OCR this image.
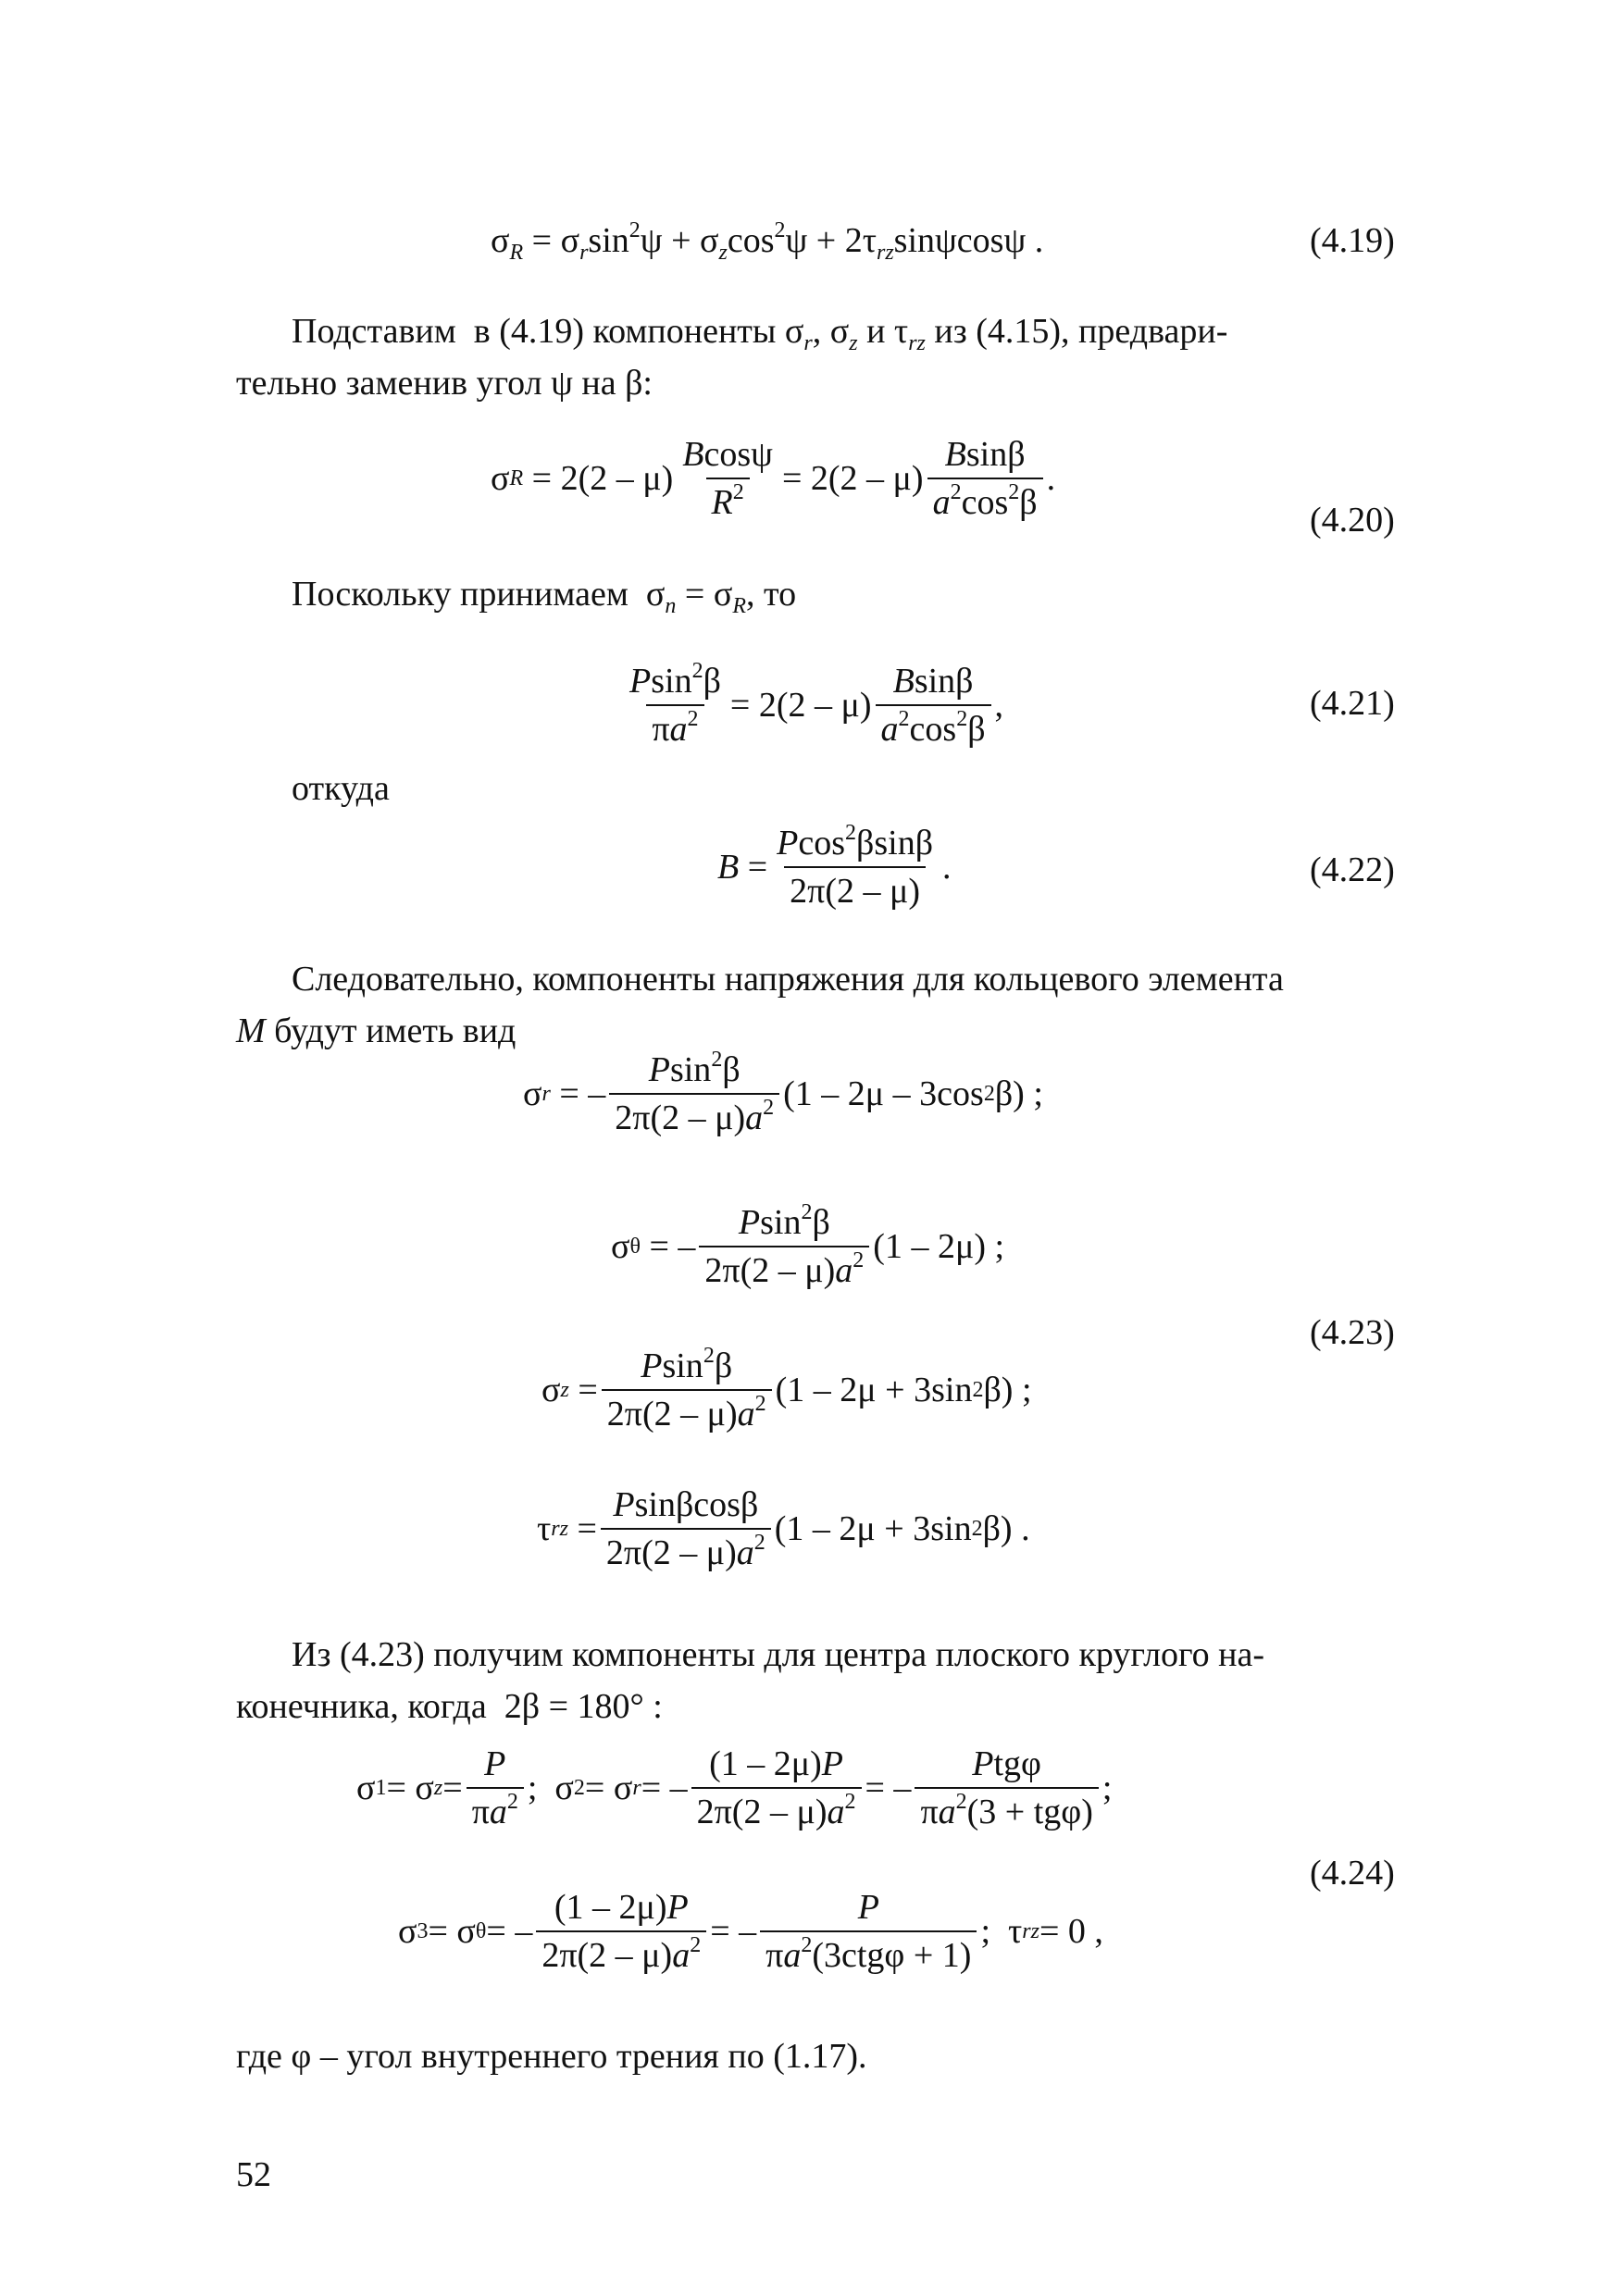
$\sigma_R = \sigma_r\sin^2\psi + \sigma_z\cos^2\psi + 2\tau_{rz}\sin\psi\cos\psi$ .	(4.19)
Подставим  в (4.19) компоненты $\sigma_r$, $\sigma_z$ и $\tau_{rz}$ из (4.15), предвари-
тельно заменив угол ψ на β:
σ $R = 2(2 - \mu) \frac{Bcos\psi}{R^2} = 2(2 - \mu) \frac{Bsin\beta}{a^2\cos^2\beta}$ .
(4.20)
Поскольку принимаем  $\sigma_n = \sigma_R$, то
$\frac{Psin^2\beta}{\pi a^2} = 2(2 - \mu) \frac{Bsin\beta}{a^2\cos^2\beta}$ ,	(4.21)
откуда
$B = \frac{Pcos^2\beta\sin\beta}{2\pi(2 - \mu)}$ .	(4.22)
Следовательно, компоненты напряжения для кольцевого элемента
M будут иметь вид
σ r = – $\frac{Psin^2\beta}{2\pi(2 - \mu)a^2} (1 - 2\mu - 3\cos$ 2 β) ;
σ θ = – $\frac{Psin^2\beta}{2\pi(2 - \mu)a^2} (1 - 2\mu)$ ;
(4.23)
σ $z = \frac{Psin^2\beta}{2\pi(2 - \mu)a^2} (1 - 2\mu + 3\sin$ 2 β) ;
τ rz = $\frac{Psin\beta\cos\beta}{2\pi(2 - \mu)a^2} (1 - 2\mu + 3\sin$ 2 β) .
Из (4.23) получим компоненты для центра плоского круглого на-
конечника, когда  2β = 180° :
σ 1 = σ $z = \frac{P}{\pi a^2}$ ;  σ 2 = σ r = – $\frac{(1 - 2\mu)P}{2\pi(2 - \mu)a^2}$ = – $\frac{\text{Ptgφ}}{\pi a^2(3 + tg\varphi)}$ ;
(4.24)
σ 3 = σ θ = – $\frac{(1 - 2\mu)P}{2\pi(2 - \mu)a^2}$ = – $\frac{P}{\pi a^2(3ctg\varphi + 1)}$ ;  τ rz = 0 ,
где φ – угол внутреннего трения по (1.17).
52
